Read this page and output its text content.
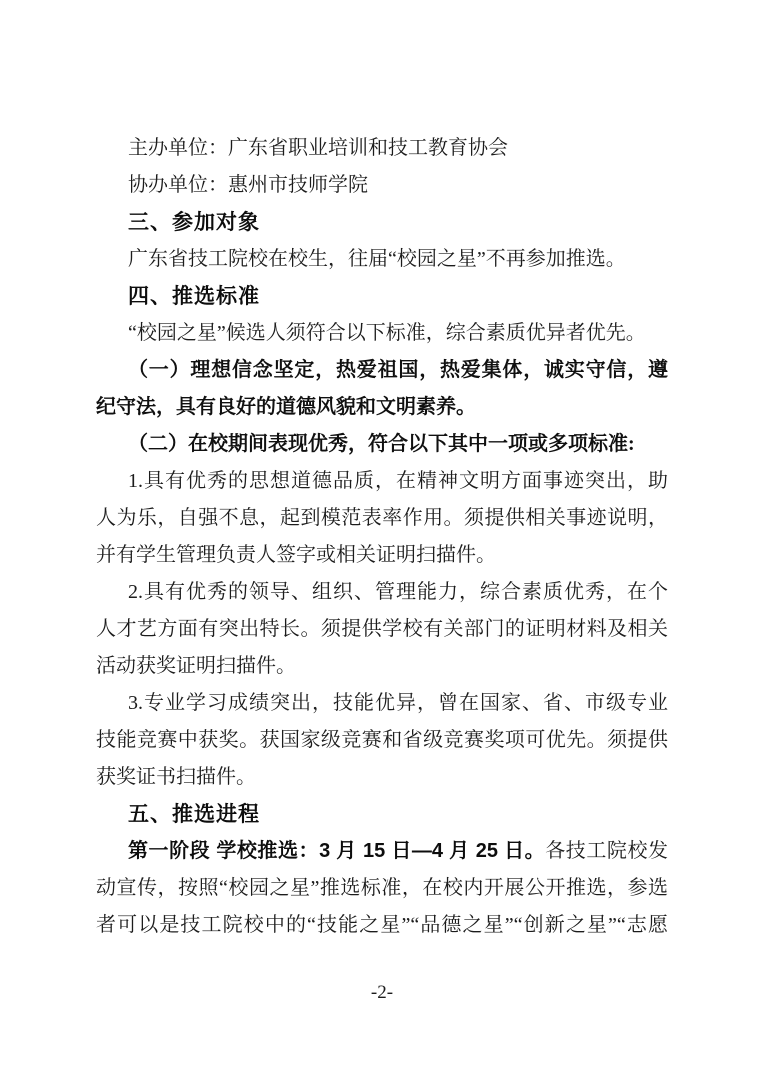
主办单位：广东省职业培训和技工教育协会
协办单位：惠州市技师学院
三、参加对象
广东省技工院校在校生，往届“校园之星”不再参加推选。
四、推选标准
“校园之星”候选人须符合以下标准，综合素质优异者优先。
（一）理想信念坚定，热爱祖国，热爱集体，诚实守信，遵
纪守法，具有良好的道德风貌和文明素养。
（二）在校期间表现优秀，符合以下其中一项或多项标准:
1.具有优秀的思想道德品质，在精神文明方面事迹突出，助
人为乐，自强不息，起到模范表率作用。须提供相关事迹说明，
并有学生管理负责人签字或相关证明扫描件。
2.具有优秀的领导、组织、管理能力，综合素质优秀，在个
人才艺方面有突出特长。须提供学校有关部门的证明材料及相关
活动获奖证明扫描件。
3.专业学习成绩突出，技能优异，曾在国家、省、市级专业
技能竞赛中获奖。获国家级竞赛和省级竞赛奖项可优先。须提供
获奖证书扫描件。
五、推选进程
第一阶段 学校推选：3 月 15 日—4 月 25 日。各技工院校发
动宣传，按照“校园之星”推选标准，在校内开展公开推选，参选
者可以是技工院校中的“技能之星”“品德之星”“创新之星”“志愿
-2-
